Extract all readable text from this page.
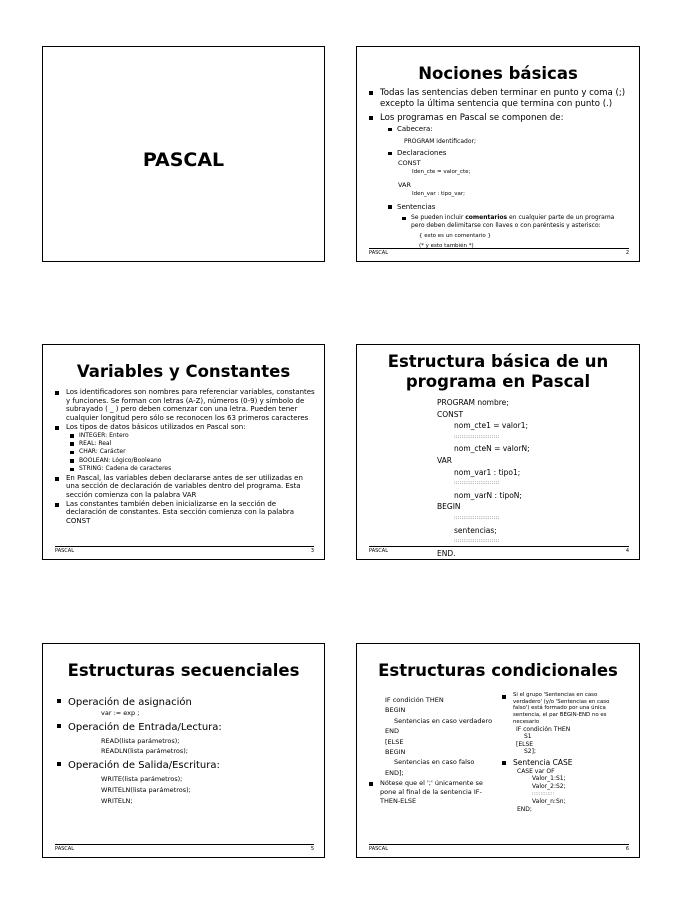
PASCAL
Nociones básicas
Todas las sentencias deben terminar en punto y coma (;)
excepto la última sentencia que termina con punto (.)
Los programas en Pascal se componen de:
Cabecera:
PROGRAM identificador;
Declaraciones
CONST
Iden_cte = valor_cte;
VAR
Iden_var : tipo_var;
Sentencias
Se pueden incluir comentarios en cualquier parte de un programa
pero deben delimitarse con llaves o con paréntesis y asterisco:
{ esto es un comentario }
(* y esto también *)
PASCAL	2
Variables y Constantes
Los identificadores son nombres para referenciar variables, constantes
y funciones. Se forman con letras (A-Z), números (0-9) y símbolo de
subrayado ( _ ) pero deben comenzar con una letra. Pueden tener
cualquier longitud pero sólo se reconocen los 63 primeros caracteres
Los tipos de datos básicos utilizados en Pascal son:
INTEGER: Entero
REAL: Real
CHAR: Carácter
BOOLEAN: Lógico/Booleano
STRING: Cadena de caracteres
En Pascal, las variables deben declararse antes de ser utilizadas en
una sección de declaración de variables dentro del programa. Esta
sección comienza con la palabra VAR
Las constantes también deben inicializarse en la sección de
declaración de constantes. Esta sección comienza con la palabra
CONST
PASCAL	3
Estructura básica de un
programa en Pascal
PROGRAM nombre;
CONST
nom_cte1 = valor1;
::::::::::::::::::::::::
nom_cteN = valorN;
VAR
nom_var1 : tipo1;
::::::::::::::::::::::::
nom_varN : tipoN;
BEGIN
::::::::::::::::::::::::
sentencias;
::::::::::::::::::::::::
END.
PASCAL	4
Estructuras secuenciales
Operación de asignación
var := exp ;
Operación de Entrada/Lectura:
READ(lista parámetros);
READLN(lista parámetros);
Operación de Salida/Escritura:
WRITE(lista parámetros);
WRITELN(lista parámetros);
WRITELN;
PASCAL	5
Estructuras condicionales
IF condición THEN
BEGIN
Sentencias en caso verdadero
END
[ELSE
BEGIN
Sentencias en caso falso
END];
Nótese que el ';' únicamente se
pone al final de la sentencia IF-
THEN-ELSE
Si el grupo 'Sentencias en caso
verdadero' (y/o 'Sentencias en caso
falso') está formado por una única
sentencia, el par BEGIN-END no es
necesario
IF condición THEN
S1
[ELSE
S2];
Sentencia CASE
CASE var OF
Valor_1:S1;
Valor_2:S2;
:::::::::::::
Valor_n:Sn;
END;
PASCAL	6
